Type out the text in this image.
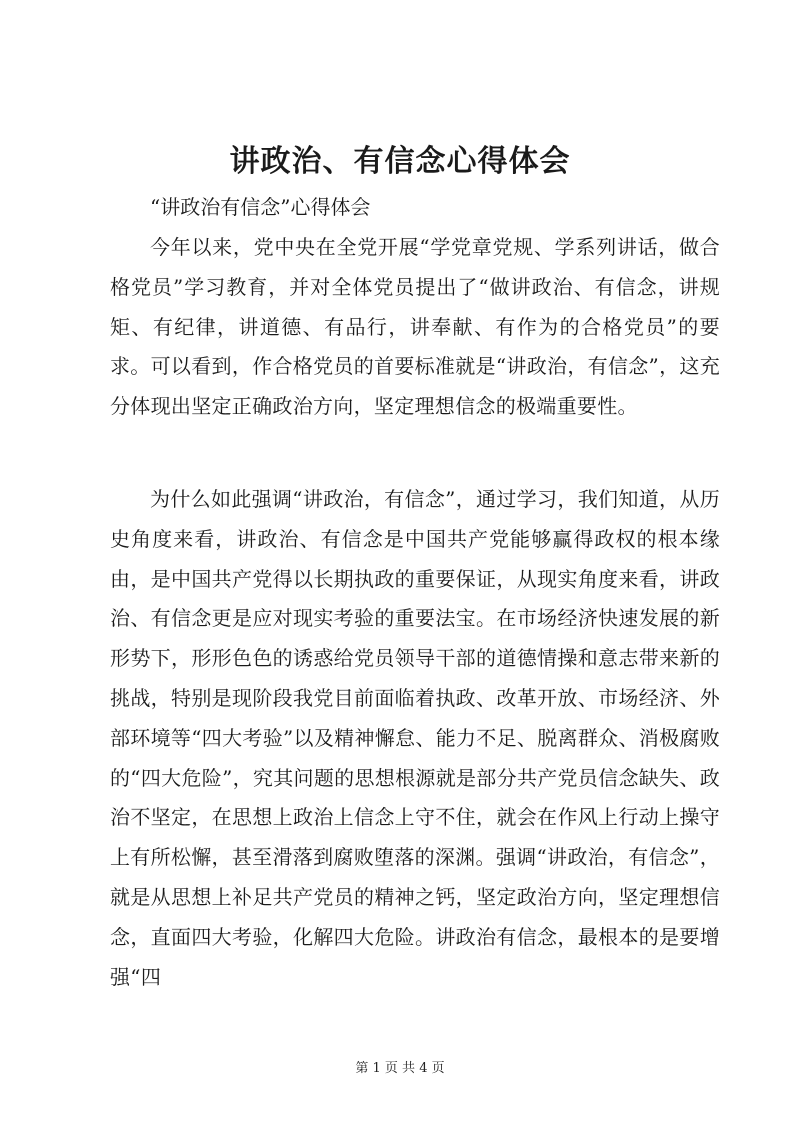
讲政治、有信念心得体会

“讲政治有信念”心得体会

今年以来，党中央在全党开展“学党章党规、学系列讲话，做合格党员”学习教育，并对全体党员提出了“做讲政治、有信念，讲规矩、有纪律，讲道德、有品行，讲奉献、有作为的合格党员”的要求。可以看到，作合格党员的首要标准就是“讲政治，有信念”，这充分体现出坚定正确政治方向，坚定理想信念的极端重要性。

为什么如此强调“讲政治，有信念”，通过学习，我们知道，从历史角度来看，讲政治、有信念是中国共产党能够赢得政权的根本缘由，是中国共产党得以长期执政的重要保证，从现实角度来看，讲政治、有信念更是应对现实考验的重要法宝。在市场经济快速发展的新形势下，形形色色的诱惑给党员领导干部的道德情操和意志带来新的挑战，特别是现阶段我党目前面临着执政、改革开放、市场经济、外部环境等“四大考验”以及精神懈怠、能力不足、脱离群众、消极腐败的“四大危险”，究其问题的思想根源就是部分共产党员信念缺失、政治不坚定，在思想上政治上信念上守不住，就会在作风上行动上操守上有所松懈，甚至滑落到腐败堕落的深渊。强调“讲政治，有信念”，就是从思想上补足共产党员的精神之钙，坚定政治方向，坚定理想信念，直面四大考验，化解四大危险。讲政治有信念，最根本的是要增强“四

第 1 页 共 4 页
